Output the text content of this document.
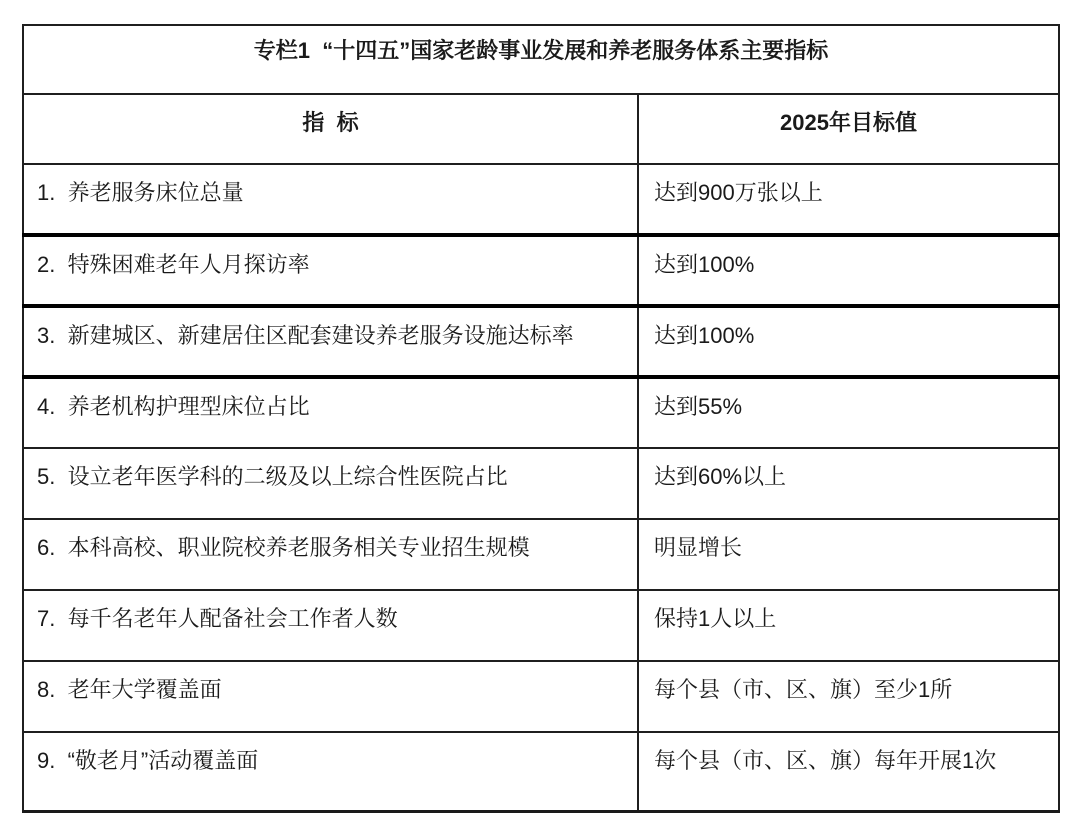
专栏1  “十四五”国家老龄事业发展和养老服务体系主要指标	
指  标	2025年目标值
1.  养老服务床位总量	达到900万张以上
2.  特殊困难老年人月探访率	达到100%
3.  新建城区、新建居住区配套建设养老服务设施达标率	达到100%
4.  养老机构护理型床位占比	达到55%
5.  设立老年医学科的二级及以上综合性医院占比	达到60%以上
6.  本科高校、职业院校养老服务相关专业招生规模	明显增长
7.  每千名老年人配备社会工作者人数	保持1人以上
8.  老年大学覆盖面	每个县（市、区、旗）至少1所
9.  “敬老月”活动覆盖面	每个县（市、区、旗）每年开展1次
